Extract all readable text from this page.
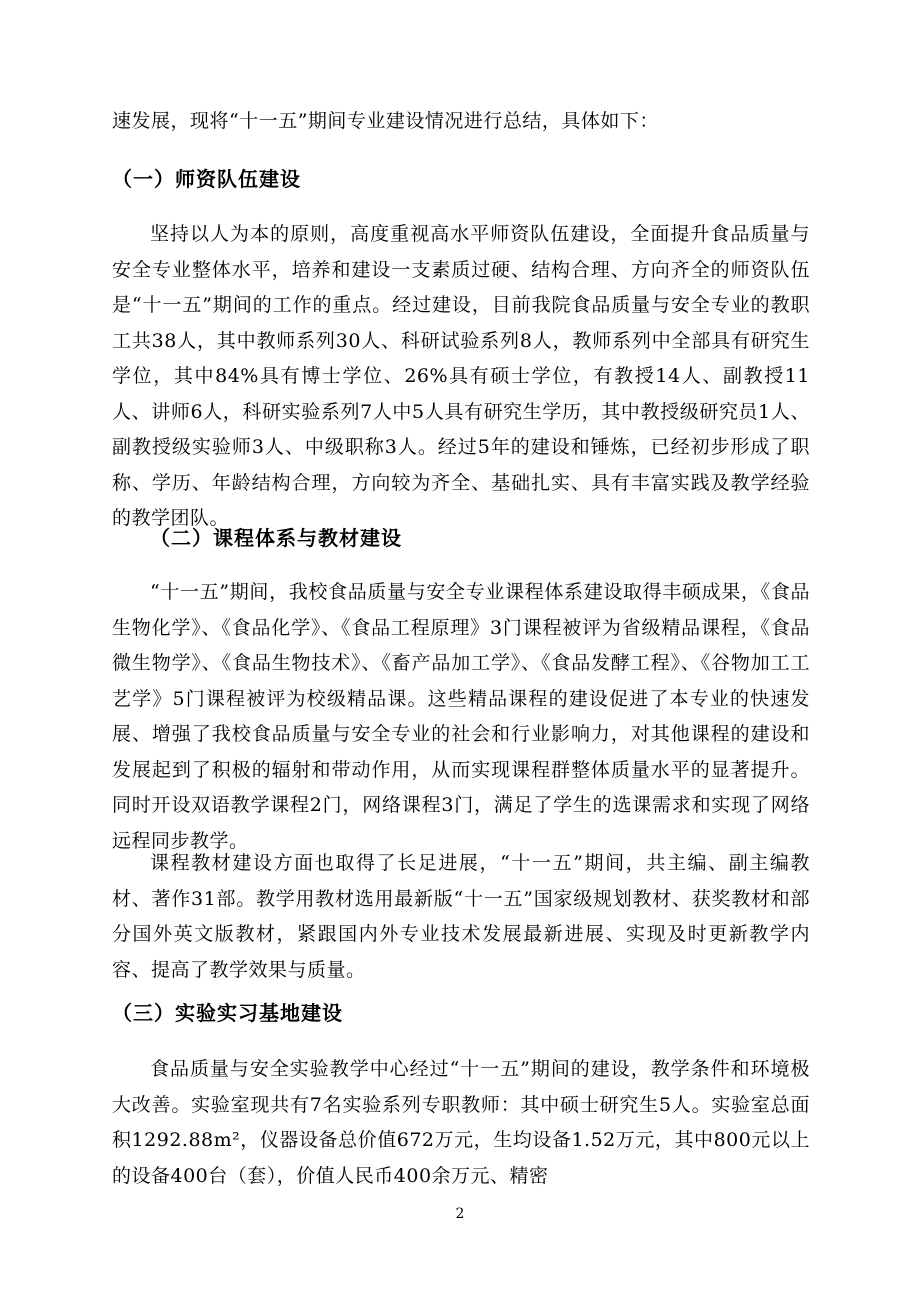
速发展，现将“十一五”期间专业建设情况进行总结，具体如下：
（一）师资队伍建设
坚持以人为本的原则，高度重视高水平师资队伍建设，全面提升食品质量与安全专业整体水平，培养和建设一支素质过硬、结构合理、方向齐全的师资队伍是“十一五”期间的工作的重点。经过建设，目前我院食品质量与安全专业的教职工共38人，其中教师系列30人、科研试验系列8人，教师系列中全部具有研究生学位，其中84%具有博士学位、26%具有硕士学位，有教授14人、副教授11人、讲师6人，科研实验系列7人中5人具有研究生学历，其中教授级研究员1人、副教授级实验师3人、中级职称3人。经过5年的建设和锤炼，已经初步形成了职称、学历、年龄结构合理，方向较为齐全、基础扎实、具有丰富实践及教学经验的教学团队。
（二）课程体系与教材建设
“十一五”期间，我校食品质量与安全专业课程体系建设取得丰硕成果，《食品生物化学》、《食品化学》、《食品工程原理》3门课程被评为省级精品课程，《食品微生物学》、《食品生物技术》、《畜产品加工学》、《食品发酵工程》、《谷物加工工艺学》5门课程被评为校级精品课。这些精品课程的建设促进了本专业的快速发展、增强了我校食品质量与安全专业的社会和行业影响力，对其他课程的建设和发展起到了积极的辐射和带动作用，从而实现课程群整体质量水平的显著提升。同时开设双语教学课程2门，网络课程3门，满足了学生的选课需求和实现了网络远程同步教学。
课程教材建设方面也取得了长足进展，“十一五”期间，共主编、副主编教材、著作31部。教学用教材选用最新版“十一五”国家级规划教材、获奖教材和部分国外英文版教材，紧跟国内外专业技术发展最新进展、实现及时更新教学内容、提高了教学效果与质量。
（三）实验实习基地建设
食品质量与安全实验教学中心经过“十一五”期间的建设，教学条件和环境极大改善。实验室现共有7名实验系列专职教师：其中硕士研究生5人。实验室总面积1292.88m²，仪器设备总价值672万元，生均设备1.52万元，其中800元以上的设备400台（套），价值人民币400余万元、精密
2
